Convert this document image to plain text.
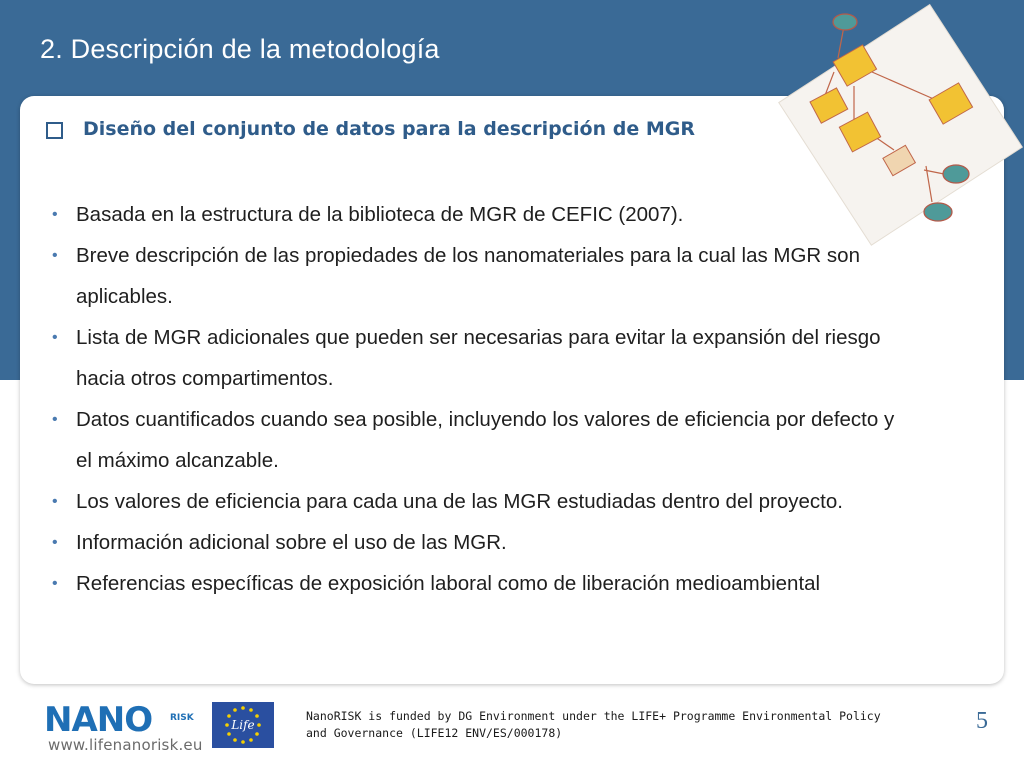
2. Descripción de la metodología
Diseño del conjunto de datos para la descripción de MGR
• Basada en la estructura de la biblioteca de MGR de CEFIC (2007).
• Breve descripción de las propiedades de los nanomateriales para la cual las MGR son aplicables.
• Lista de MGR adicionales que pueden ser necesarias para evitar la expansión del riesgo hacia otros compartimentos.
• Datos cuantificados cuando sea posible, incluyendo los valores de eficiencia por defecto y el máximo alcanzable.
• Los valores de eficiencia para cada una de las MGR estudiadas dentro del proyecto.
• Información adicional sobre el uso de las MGR.
• Referencias específicas de exposición laboral como de liberación medioambiental
NANO RISK
www.lifenanorisk.eu
Life
NanoRISK is funded by DG Environment under the LIFE+ Programme Environmental Policy
and Governance (LIFE12 ENV/ES/000178)	5
